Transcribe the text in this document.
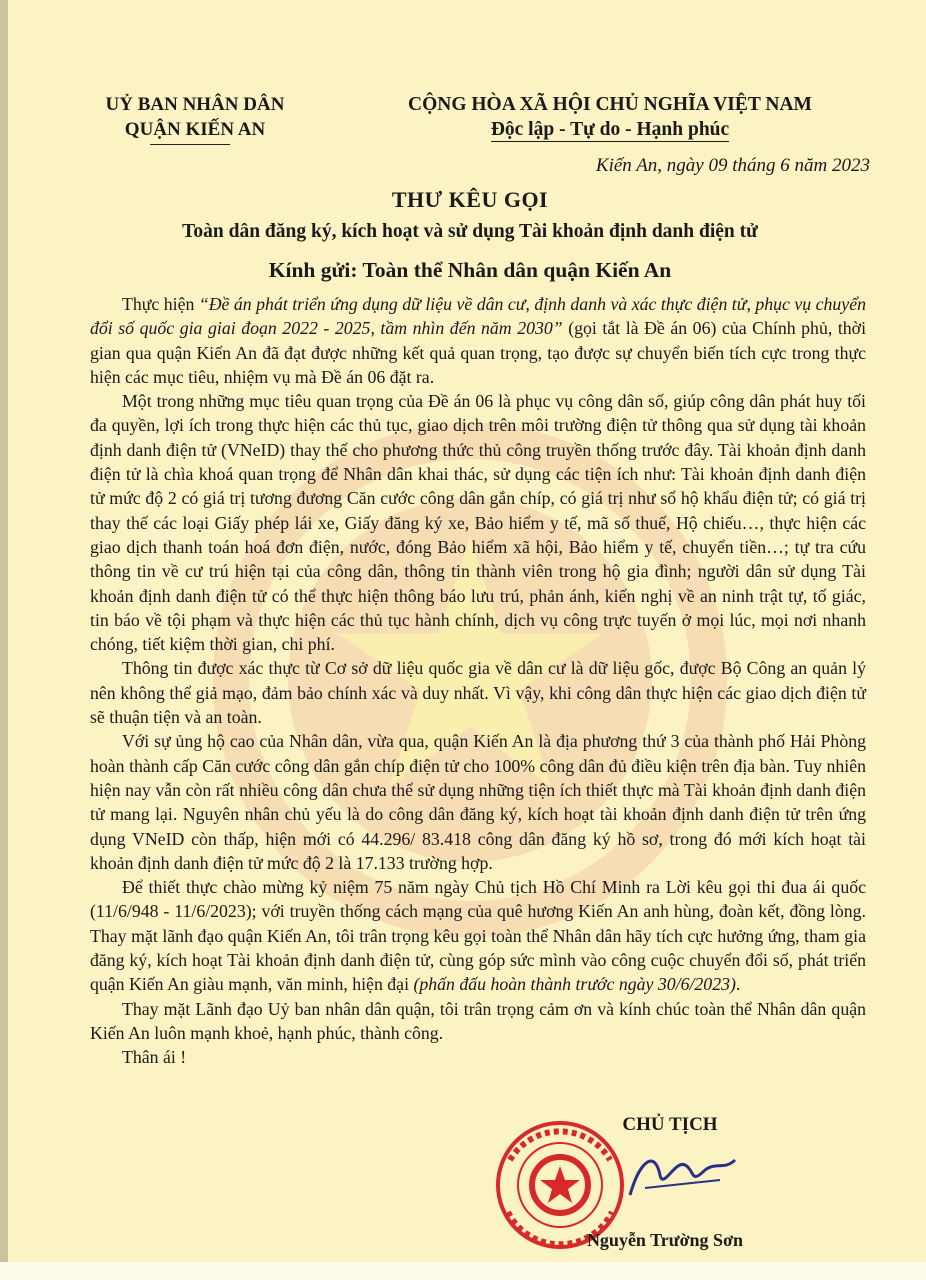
UỶ BAN NHÂN DÂN
QUẬN KIẾN AN
CỘNG HÒA XÃ HỘI CHỦ NGHĨA VIỆT NAM
Độc lập - Tự do - Hạnh phúc
Kiến An, ngày 09 tháng 6 năm 2023
THƯ KÊU GỌI
Toàn dân đăng ký, kích hoạt và sử dụng Tài khoản định danh điện tử
Kính gửi: Toàn thể Nhân dân quận Kiến An

Thực hiện “Đề án phát triển ứng dụng dữ liệu về dân cư, định danh và xác thực điện tử, phục vụ chuyển đổi số quốc gia giai đoạn 2022 - 2025, tầm nhìn đến năm 2030” (gọi tắt là Đề án 06) của Chính phủ, thời gian qua quận Kiến An đã đạt được những kết quả quan trọng, tạo được sự chuyển biến tích cực trong thực hiện các mục tiêu, nhiệm vụ mà Đề án 06 đặt ra.

Một trong những mục tiêu quan trọng của Đề án 06 là phục vụ công dân số, giúp công dân phát huy tối đa quyền, lợi ích trong thực hiện các thủ tục, giao dịch trên môi trường điện tử thông qua sử dụng tài khoản định danh điện tử (VNeID) thay thế cho phương thức thủ công truyền thống trước đây. Tài khoản định danh điện tử là chìa khoá quan trọng để Nhân dân khai thác, sử dụng các tiện ích như: Tài khoản định danh điện tử mức độ 2 có giá trị tương đương Căn cước công dân gắn chíp, có giá trị như sổ hộ khẩu điện tử; có giá trị thay thế các loại Giấy phép lái xe, Giấy đăng ký xe, Bảo hiểm y tế, mã số thuế, Hộ chiếu…, thực hiện các giao dịch thanh toán hoá đơn điện, nước, đóng Bảo hiểm xã hội, Bảo hiểm y tế, chuyển tiền…; tự tra cứu thông tin về cư trú hiện tại của công dân, thông tin thành viên trong hộ gia đình; người dân sử dụng Tài khoản định danh điện tử có thể thực hiện thông báo lưu trú, phản ánh, kiến nghị về an ninh trật tự, tố giác, tin báo về tội phạm và thực hiện các thủ tục hành chính, dịch vụ công trực tuyến ở mọi lúc, mọi nơi nhanh chóng, tiết kiệm thời gian, chi phí.

Thông tin được xác thực từ Cơ sở dữ liệu quốc gia về dân cư là dữ liệu gốc, được Bộ Công an quản lý nên không thể giả mạo, đảm bảo chính xác và duy nhất. Vì vậy, khi công dân thực hiện các giao dịch điện tử sẽ thuận tiện và an toàn.

Với sự ủng hộ cao của Nhân dân, vừa qua, quận Kiến An là địa phương thứ 3 của thành phố Hải Phòng hoàn thành cấp Căn cước công dân gắn chíp điện tử cho 100% công dân đủ điều kiện trên địa bàn. Tuy nhiên hiện nay vẫn còn rất nhiều công dân chưa thể sử dụng những tiện ích thiết thực mà Tài khoản định danh điện tử mang lại. Nguyên nhân chủ yếu là do công dân đăng ký, kích hoạt tài khoản định danh điện tử trên ứng dụng VNeID còn thấp, hiện mới có 44.296/ 83.418 công dân đăng ký hồ sơ, trong đó mới kích hoạt tài khoản định danh điện tử mức độ 2 là 17.133 trường hợp.

Để thiết thực chào mừng kỷ niệm 75 năm ngày Chủ tịch Hồ Chí Minh ra Lời kêu gọi thi đua ái quốc (11/6/948 - 11/6/2023); với truyền thống cách mạng của quê hương Kiến An anh hùng, đoàn kết, đồng lòng. Thay mặt lãnh đạo quận Kiến An, tôi trân trọng kêu gọi toàn thể Nhân dân hãy tích cực hưởng ứng, tham gia đăng ký, kích hoạt Tài khoản định danh điện tử, cùng góp sức mình vào công cuộc chuyển đổi số, phát triển quận Kiến An giàu mạnh, văn minh, hiện đại (phấn đấu hoàn thành trước ngày 30/6/2023).

Thay mặt Lãnh đạo Uỷ ban nhân dân quận, tôi trân trọng cảm ơn và kính chúc toàn thể Nhân dân quận Kiến An luôn mạnh khoẻ, hạnh phúc, thành công.

Thân ái !

CHỦ TỊCH
Nguyễn Trường Sơn
